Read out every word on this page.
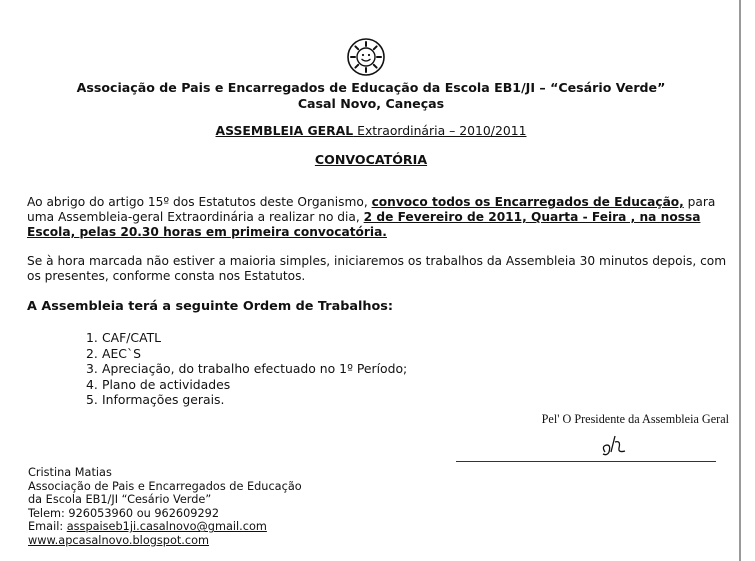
Associação de Pais e Encarregados de Educação da Escola EB1/JI – “Cesário Verde”
Casal Novo, Caneças
ASSEMBLEIA GERAL Extraordinária – 2010/2011
CONVOCATÓRIA
Ao abrigo do artigo 15º dos Estatutos deste Organismo, convoco todos os Encarregados de Educação, para uma Assembleia-geral Extraordinária a realizar no dia, 2 de Fevereiro de 2011, Quarta - Feira , na nossa Escola, pelas 20.30 horas em primeira convocatória.
Se à hora marcada não estiver a maioria simples, iniciaremos os trabalhos da Assembleia 30 minutos depois, com os presentes, conforme consta nos Estatutos.
A Assembleia terá a seguinte Ordem de Trabalhos:
1. CAF/CATL
2. AEC`S
3. Apreciação, do trabalho efectuado no 1º Período;
4. Plano de actividades
5. Informações gerais.
Pel' O Presidente da Assembleia Geral
Cristina Matias
Associação de Pais e Encarregados de Educação
da Escola EB1/JI “Cesário Verde”
Telem: 926053960 ou 962609292
Email: asspaiseb1ji.casalnovo@gmail.com
www.apcasalnovo.blogspot.com
